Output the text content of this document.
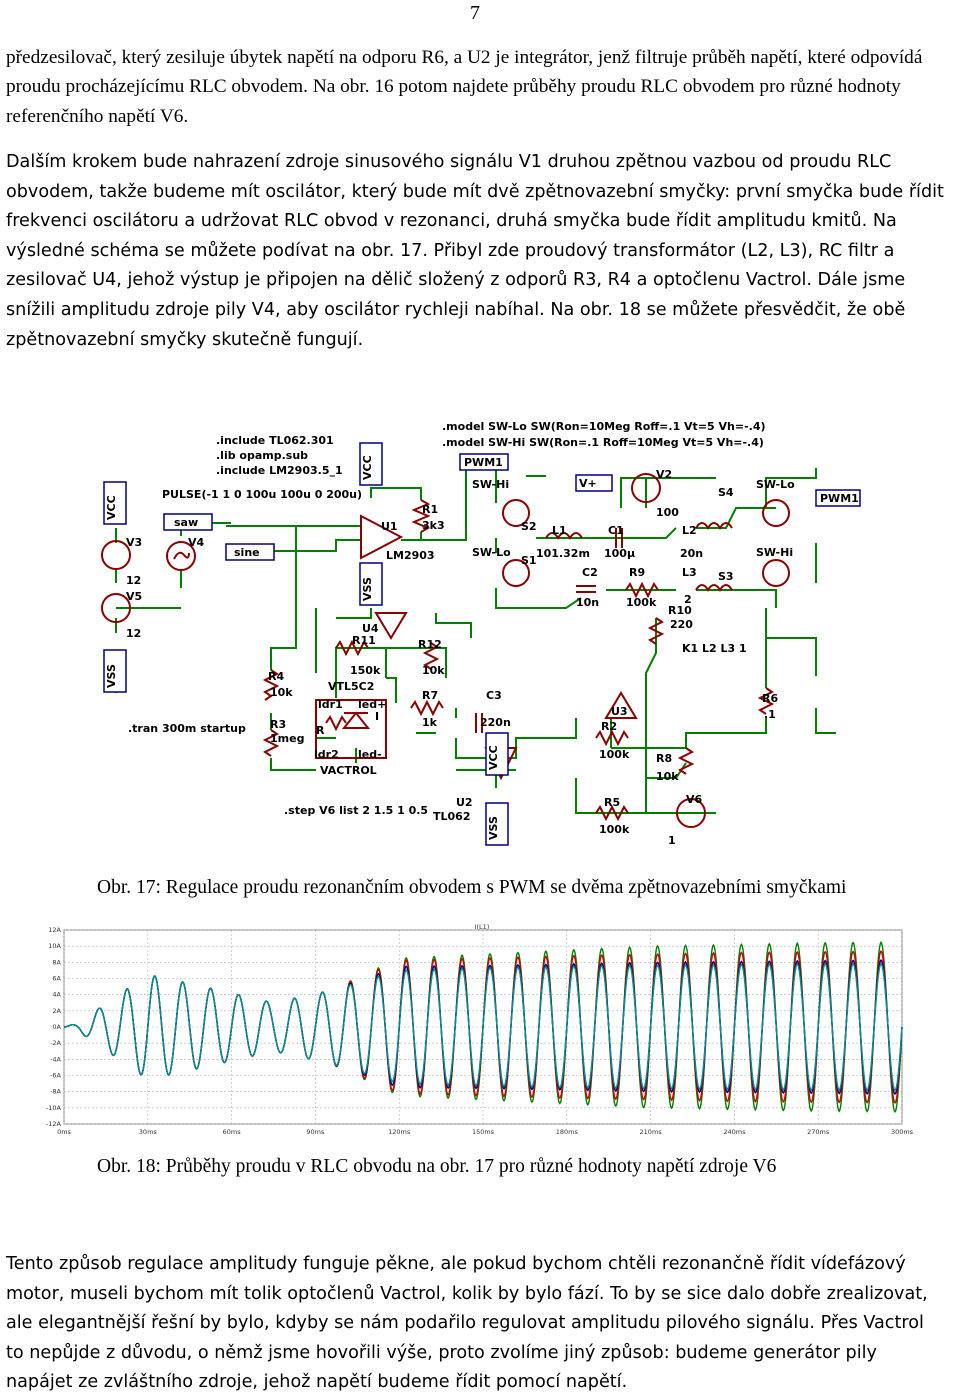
7

předzesilovač, který zesiluje úbytek napětí na odporu R6, a U2 je integrátor, jenž filtruje průběh napětí, které odpovídá proudu procházejícímu RLC obvodem. Na obr. 16 potom najdete průběhy proudu RLC obvodem pro různé hodnoty referenčního napětí V6.

Dalším krokem bude nahrazení zdroje sinusového signálu V1 druhou zpětnou vazbou od proudu RLC obvodem, takže budeme mít oscilátor, který bude mít dvě zpětnovazební smyčky: první smyčka bude řídit frekvenci oscilátoru a udržovat RLC obvod v rezonanci, druhá smyčka bude řídit amplitudu kmitů. Na výsledné schéma se můžete podívat na obr. 17. Přibyl zde proudový transformátor (L2, L3), RC filtr a zesilovač U4, jehož výstup je připojen na dělič složený z odporů R3, R4 a optočlenu Vactrol. Dále jsme snížili amplitudu zdroje pily V4, aby oscilátor rychleji nabíhal. Na obr. 18 se můžete přesvědčit, že obě zpětnovazební smyčky skutečně fungují.

VCC
VSS
VCC
VSS
VCC
VSS
saw
sine
PWM1
V+
PWM1
.include TL062.301
.lib opamp.sub
.include LM2903.5_1
PULSE(-1 1 0 100u 100u 0 200u)
.model SW-Lo SW(Ron=10Meg Roff=.1 Vt=5 Vh=-.4)
.model SW-Hi SW(Ron=.1 Roff=10Meg Vt=5 Vh=-.4)
.tran 300m startup
.step V6 list 2 1.5 1 0.5
K1 L2 L3 1
V3
12
V5
12
V4
U1
LM2903
R1
3k3
SW-Hi
SW-Lo
S2
S1
L1
101.32m
C1
100µ
V2
100
L2
20n
C2
10n
R9
100k
L3
2
R10
220
S4
S3
SW-Lo
SW-Hi
R6
.1
U3
R2
100k R8
10k
R5
100k
V6
1
U2
TL062
U4
R11
150k
R12
10k
R4
10k
R3
1meg
VTL5C2
ldr1 led+
R
I
ldr2 led-
VACTROL
R7
1k
C3
220n

Obr. 17: Regulace proudu rezonančním obvodem s PWM se dvěma zpětnovazebními smyčkami

0ms	30ms	60ms	90ms	120ms	150ms	180ms	210ms	240ms	270ms	300ms
12A
10A
8A
6A
4A
2A
0A
-2A
-4A
-6A
-8A
-10A
-12A
I(L1)

Obr. 18: Průběhy proudu v RLC obvodu na obr. 17 pro různé hodnoty napětí zdroje V6

Tento způsob regulace amplitudy funguje pěkne, ale pokud bychom chtěli rezonančně řídit vídefázový motor, museli bychom mít tolik optočlenů Vactrol, kolik by bylo fází. To by se sice dalo dobře zrealizovat, ale elegantnější řešní by bylo, kdyby se nám podařilo regulovat amplitudu pilového signálu. Přes Vactrol to nepůjde z důvodu, o němž jsme hovořili výše, proto zvolíme jiný způsob: budeme generátor pily napájet ze zvláštního zdroje, jehož napětí budeme řídit pomocí napětí.
